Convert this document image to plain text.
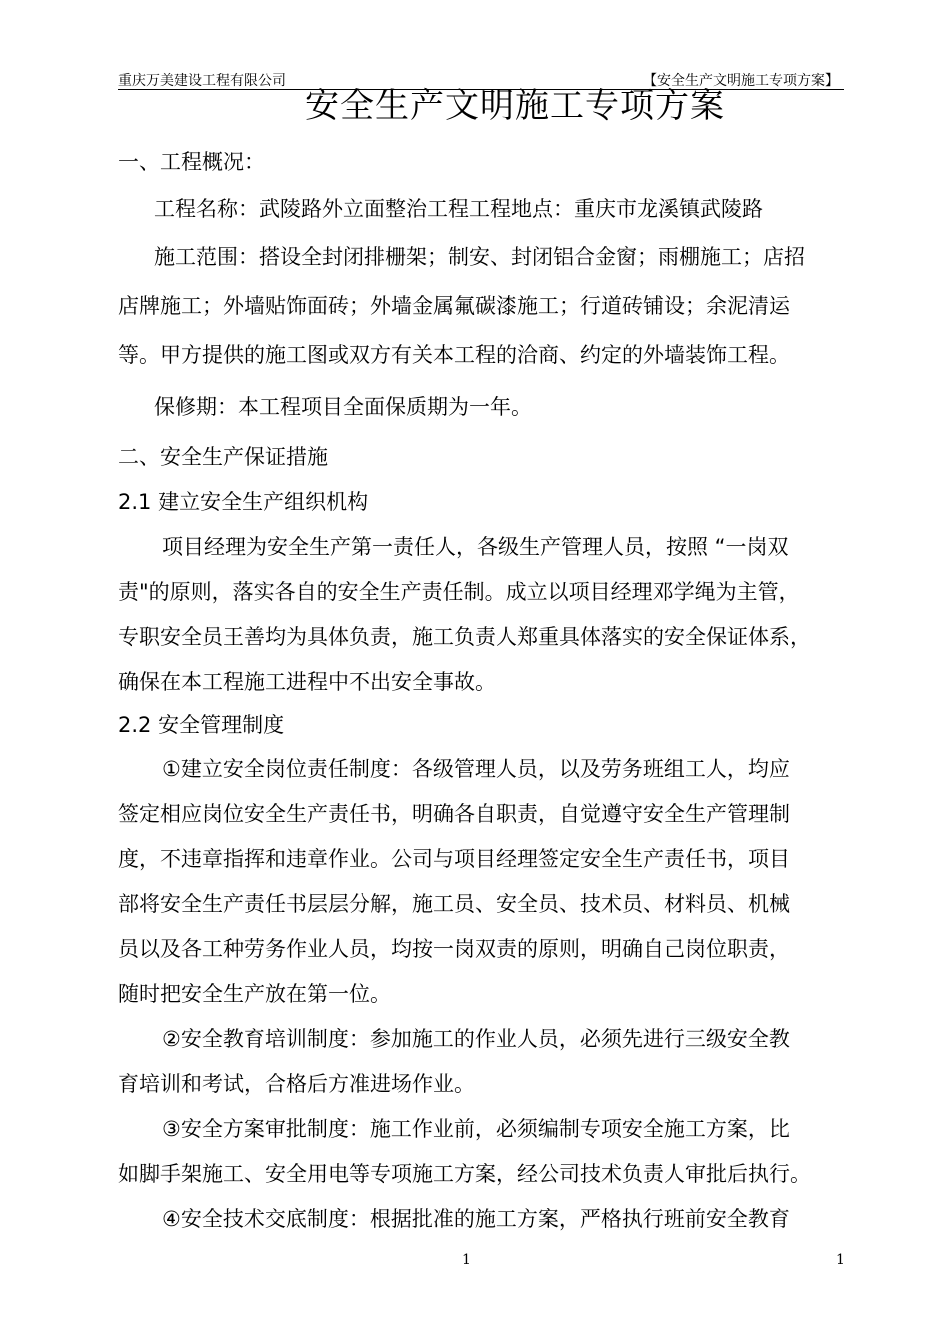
重庆万美建设工程有限公司	【安全生产文明施工专项方案】
安全生产文明施工专项方案
一、工程概况：
工程名称：武陵路外立面整治工程工程地点：重庆市龙溪镇武陵路
施工范围：搭设全封闭排栅架；制安、封闭铝合金窗；雨棚施工；店招
店牌施工；外墙贴饰面砖；外墙金属氟碳漆施工；行道砖铺设；余泥清运
等。甲方提供的施工图或双方有关本工程的洽商、约定的外墙装饰工程。
保修期：本工程项目全面保质期为一年。
二、安全生产保证措施
2.1 建立安全生产组织机构
项目经理为安全生产第一责任人，各级生产管理人员，按照 “一岗双
责"的原则，落实各自的安全生产责任制。成立以项目经理邓学绳为主管，
专职安全员王善均为具体负责，施工负责人郑重具体落实的安全保证体系，
确保在本工程施工进程中不出安全事故。
2.2 安全管理制度
①建立安全岗位责任制度：各级管理人员，以及劳务班组工人，均应
签定相应岗位安全生产责任书，明确各自职责，自觉遵守安全生产管理制
度，不违章指挥和违章作业。公司与项目经理签定安全生产责任书，项目
部将安全生产责任书层层分解，施工员、安全员、技术员、材料员、机械
员以及各工种劳务作业人员，均按一岗双责的原则，明确自己岗位职责，
随时把安全生产放在第一位。
②安全教育培训制度：参加施工的作业人员，必须先进行三级安全教
育培训和考试，合格后方准进场作业。
③安全方案审批制度：施工作业前，必须编制专项安全施工方案，比
如脚手架施工、安全用电等专项施工方案，经公司技术负责人审批后执行。
④安全技术交底制度：根据批准的施工方案，严格执行班前安全教育
1	1
